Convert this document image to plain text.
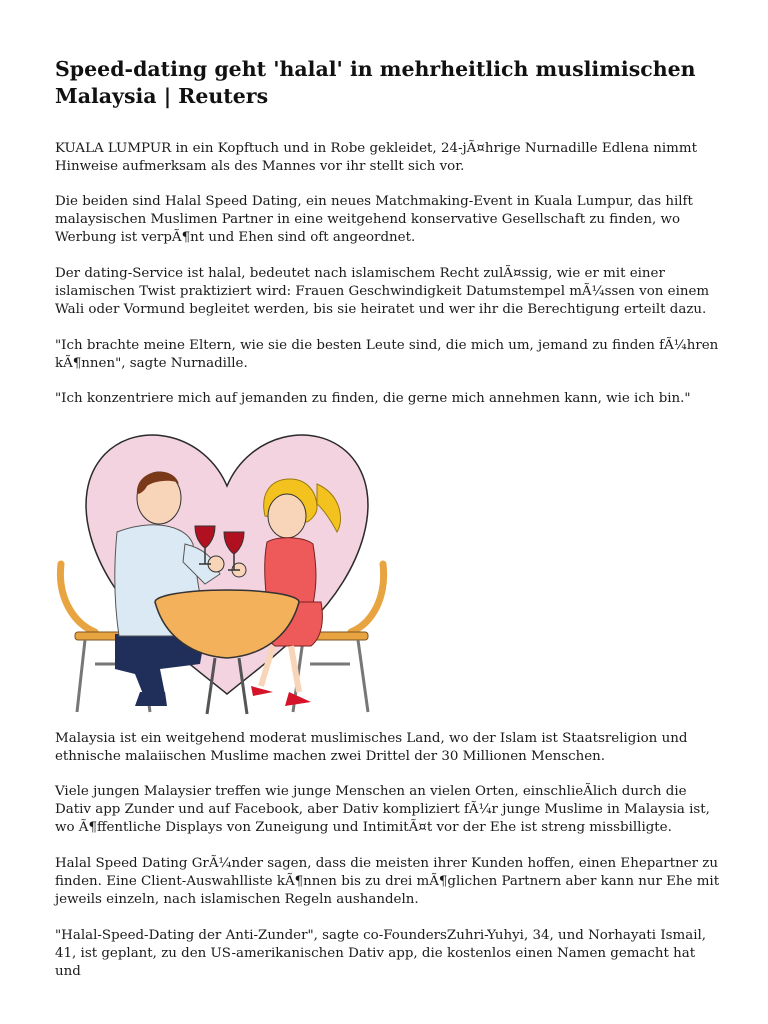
Speed-dating geht 'halal' in mehrheitlich muslimischen Malaysia | Reuters

KUALA LUMPUR in ein Kopftuch und in Robe gekleidet, 24-jÃ¤hrige Nurnadille Edlena nimmt Hinweise aufmerksam als des Mannes vor ihr stellt sich vor.

Die beiden sind Halal Speed Dating, ein neues Matchmaking-Event in Kuala Lumpur, das hilft malaysischen Muslimen Partner in eine weitgehend konservative Gesellschaft zu finden, wo Werbung ist verpÃ¶nt und Ehen sind oft angeordnet.

Der dating-Service ist halal, bedeutet nach islamischem Recht zulÃ¤ssig, wie er mit einer islamischen Twist praktiziert wird: Frauen Geschwindigkeit Datumstempel mÃ¼ssen von einem Wali oder Vormund begleitet werden, bis sie heiratet und wer ihr die Berechtigung erteilt dazu.

"Ich brachte meine Eltern, wie sie die besten Leute sind, die mich um, jemand zu finden fÃ¼hren kÃ¶nnen", sagte Nurnadille.

"Ich konzentriere mich auf jemanden zu finden, die gerne mich annehmen kann, wie ich bin."

Malaysia ist ein weitgehend moderat muslimisches Land, wo der Islam ist Staatsreligion und ethnische malaiischen Muslime machen zwei Drittel der 30 Millionen Menschen.

Viele jungen Malaysier treffen wie junge Menschen an vielen Orten, einschlieÃlich durch die Dativ app Zunder und auf Facebook, aber Dativ kompliziert fÃ¼r junge Muslime in Malaysia ist, wo Ã¶ffentliche Displays von Zuneigung und IntimitÃ¤t vor der Ehe ist streng missbilligte.

Halal Speed Dating GrÃ¼nder sagen, dass die meisten ihrer Kunden hoffen, einen Ehepartner zu finden. Eine Client-Auswahlliste kÃ¶nnen bis zu drei mÃ¶glichen Partnern aber kann nur Ehe mit jeweils einzeln, nach islamischen Regeln aushandeln.

"Halal-Speed-Dating der Anti-Zunder", sagte co-FoundersZuhri-Yuhyi, 34, und Norhayati Ismail, 41, ist geplant, zu den US-amerikanischen Dativ app, die kostenlos einen Namen gemacht hat und
